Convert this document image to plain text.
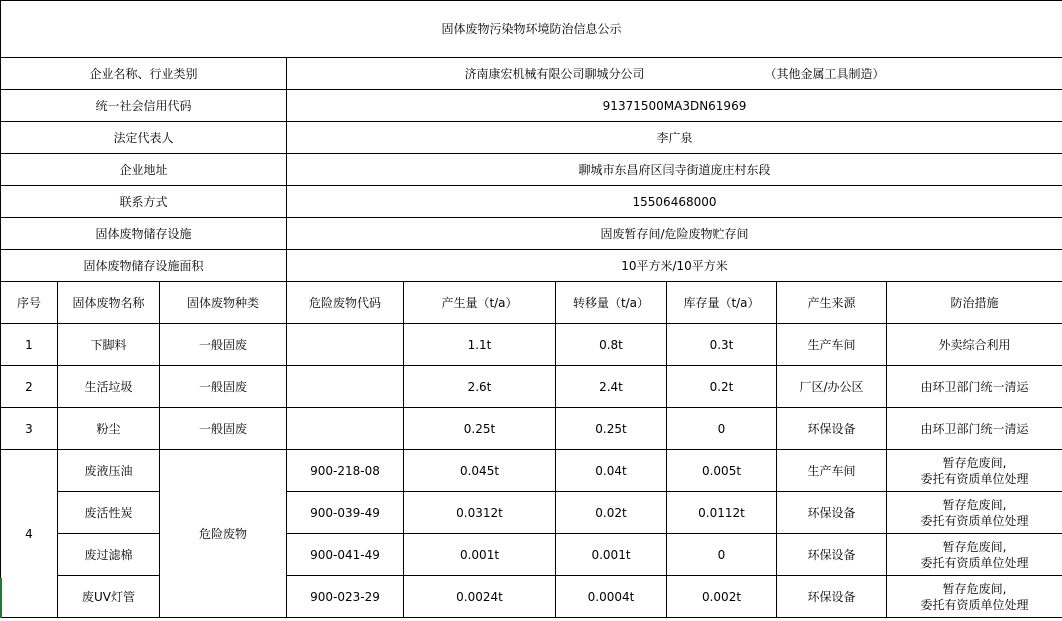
固体废物污染物环境防治信息公示								
企业名称、行业类别			济南康宏机械有限公司聊城分公司 （其他金属工具制造）					
统一社会信用代码			91371500MA3DN61969					
法定代表人			李广泉					
企业地址			聊城市东昌府区闫寺街道庞庄村东段					
联系方式			15506468000					
固体废物储存设施			固废暂存间/危险废物贮存间					
固体废物储存设施面积			10平方米/10平方米					
序号	固体废物名称	固体废物种类	危险废物代码	产生量（t/a）	转移量（t/a）	库存量（t/a）	产生来源	防治措施
1	下脚料	一般固废		1.1t	0.8t	0.3t	生产车间	外卖综合利用
2	生活垃圾	一般固废		2.6t	2.4t	0.2t	厂区/办公区	由环卫部门统一清运
3	粉尘	一般固废		0.25t	0.25t	0	环保设备	由环卫部门统一清运
4	废液压油	危险废物	900-218-08	0.045t	0.04t	0.005t	生产车间	暂存危废间,
委托有资质单位处理

	废活性炭		900-039-49	0.0312t	0.02t	0.0112t	环保设备	暂存危废间,
委托有资质单位处理

	废过滤棉		900-041-49	0.001t	0.001t	0	环保设备	暂存危废间,
委托有资质单位处理

	废UV灯管		900-023-29	0.0024t	0.0004t	0.002t	环保设备	暂存危废间,
委托有资质单位处理
